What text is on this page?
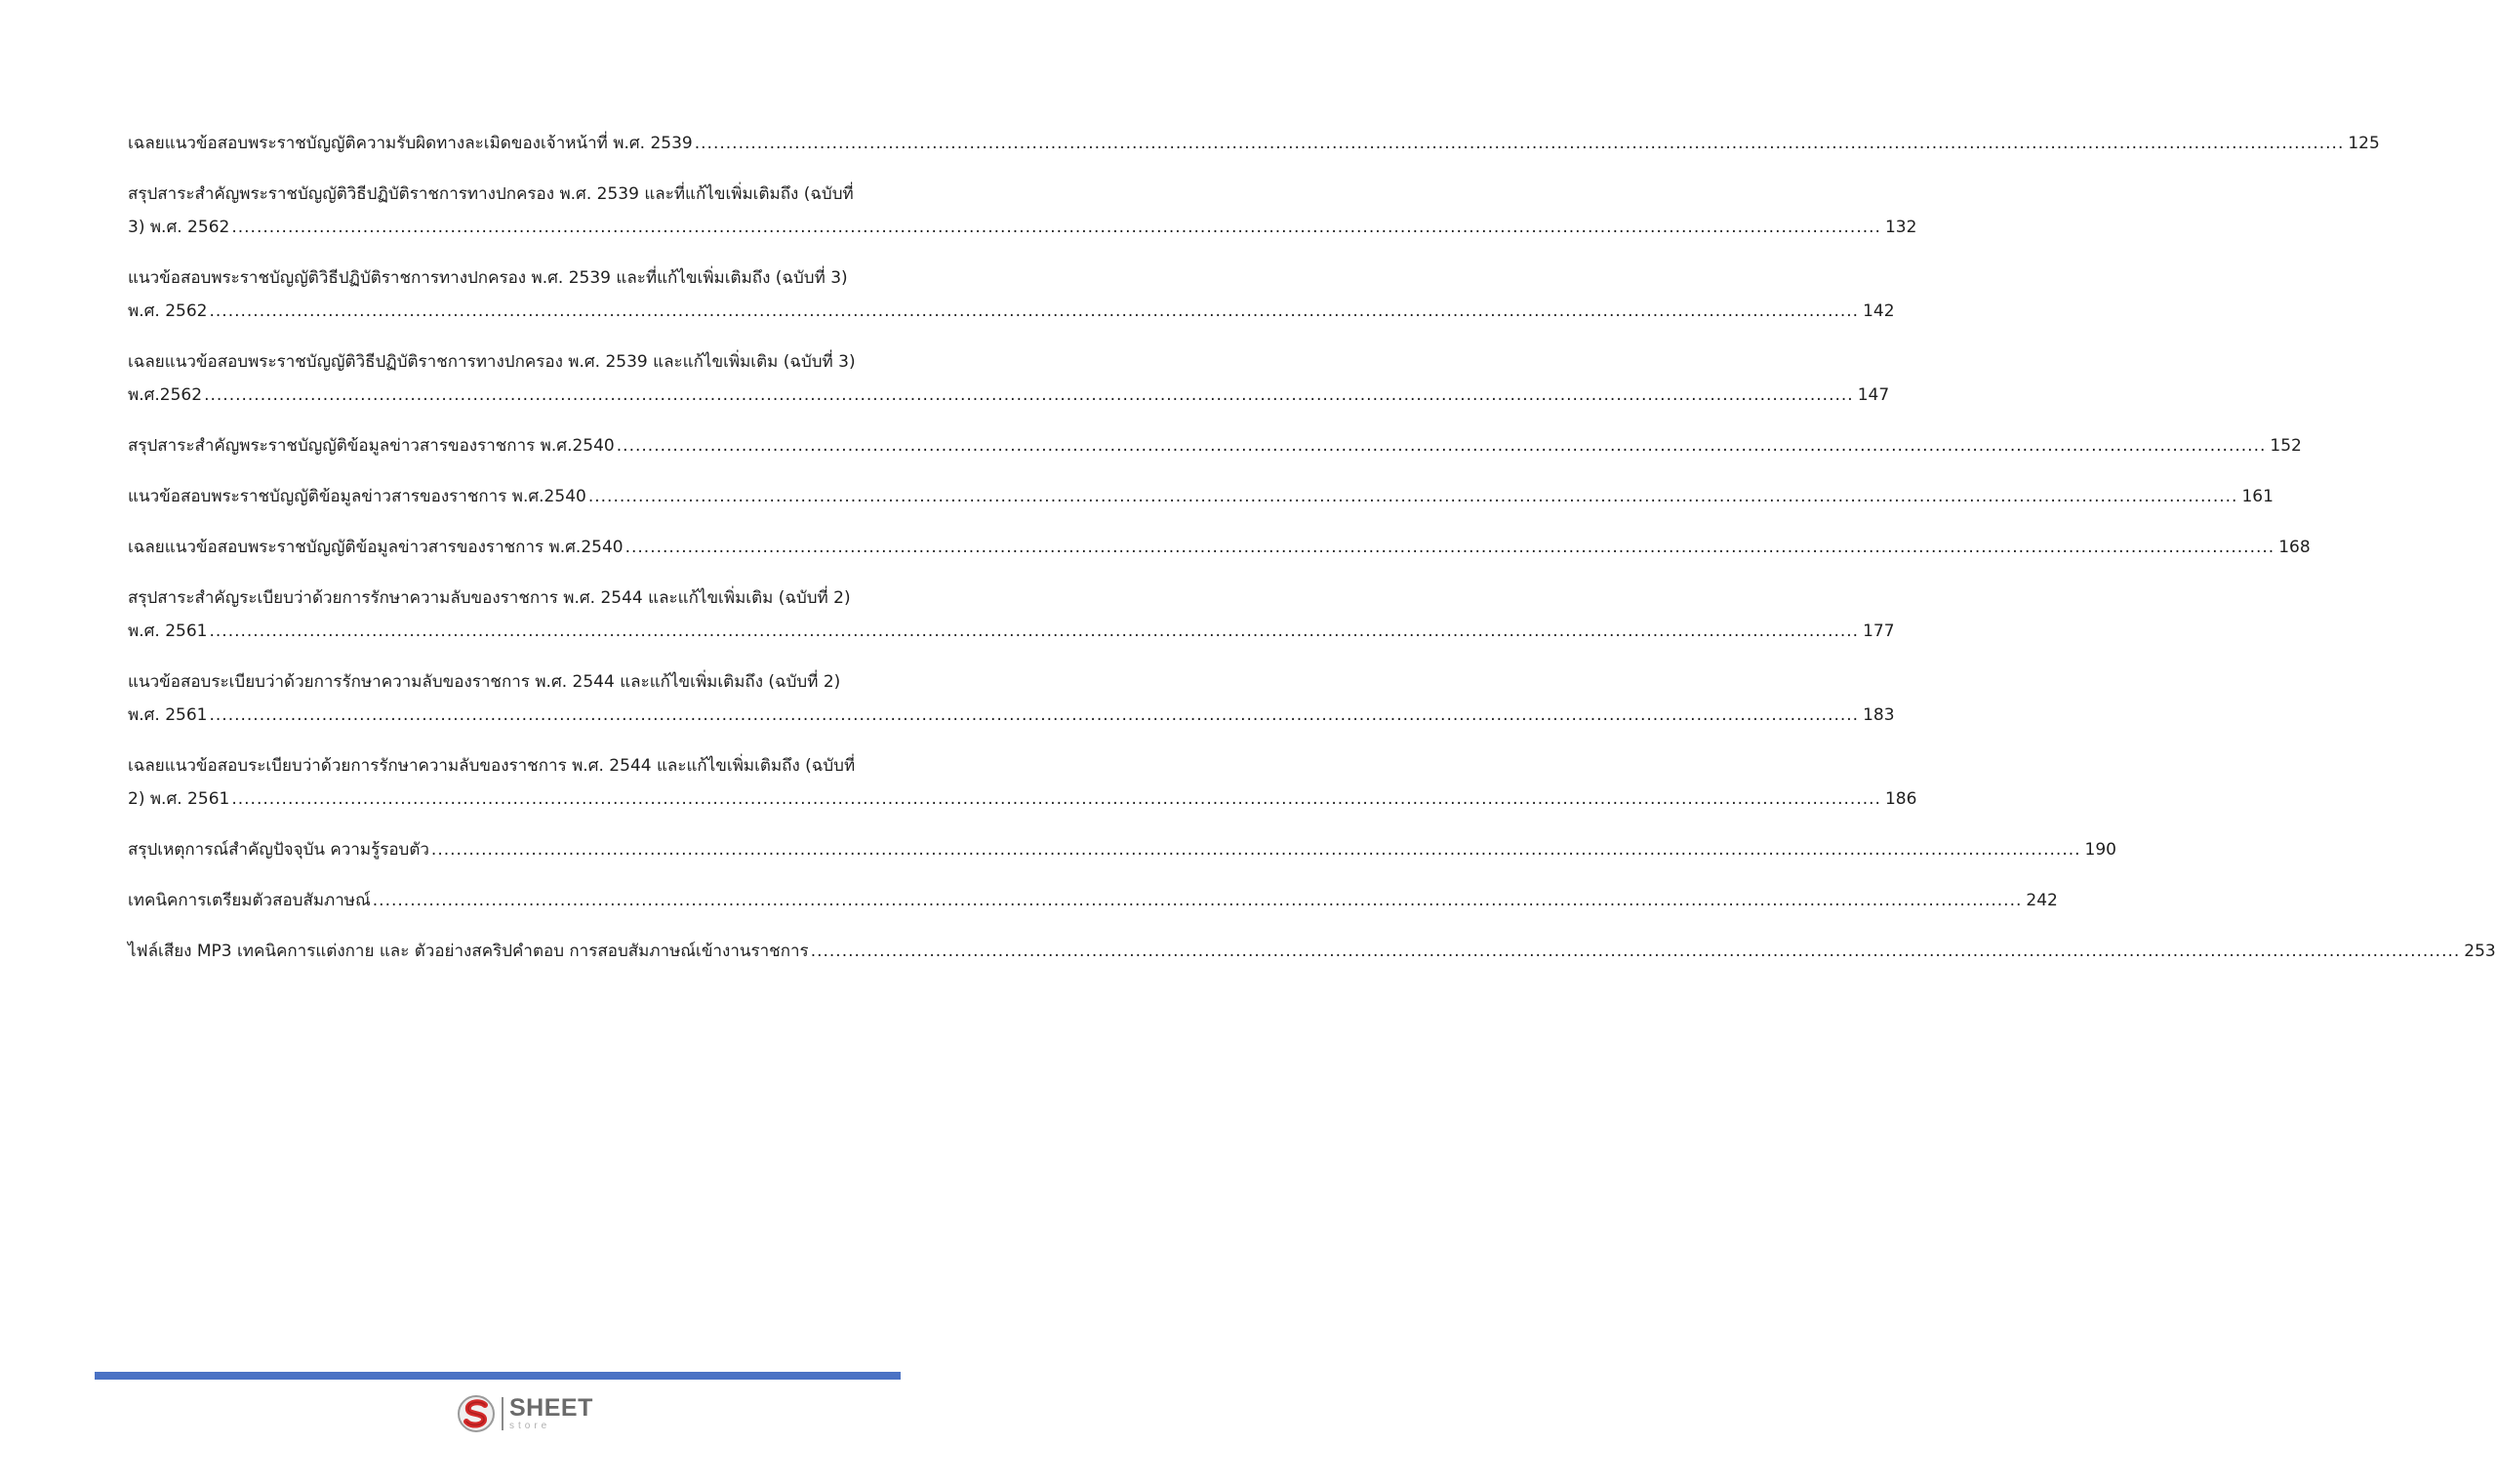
เฉลยแนวข้อสอบพระราชบัญญัติความรับผิดทางละเมิดของเจ้าหน้าที่ พ.ศ. 2539 .....	125
สรุปสาระสำคัญพระราชบัญญัติวิธีปฏิบัติราชการทางปกครอง พ.ศ. 2539 และที่แก้ไขเพิ่มเติมถึง (ฉบับที่
3) พ.ศ. 2562 .....	132
แนวข้อสอบพระราชบัญญัติวิธีปฏิบัติราชการทางปกครอง พ.ศ. 2539 และที่แก้ไขเพิ่มเติมถึง (ฉบับที่ 3)
พ.ศ. 2562 .....	142
เฉลยแนวข้อสอบพระราชบัญญัติวิธีปฏิบัติราชการทางปกครอง พ.ศ. 2539 และแก้ไขเพิ่มเติม (ฉบับที่ 3)
พ.ศ.2562 .....	147
สรุปสาระสำคัญพระราชบัญญัติข้อมูลข่าวสารของราชการ พ.ศ.2540 .....	152
แนวข้อสอบพระราชบัญญัติข้อมูลข่าวสารของราชการ พ.ศ.2540 .....	161
เฉลยแนวข้อสอบพระราชบัญญัติข้อมูลข่าวสารของราชการ พ.ศ.2540 .....	168
สรุปสาระสำคัญระเบียบว่าด้วยการรักษาความลับของราชการ พ.ศ. 2544 และแก้ไขเพิ่มเติม (ฉบับที่ 2)
พ.ศ. 2561 .....	177
แนวข้อสอบระเบียบว่าด้วยการรักษาความลับของราชการ พ.ศ. 2544 และแก้ไขเพิ่มเติมถึง (ฉบับที่ 2)
พ.ศ. 2561 .....	183
เฉลยแนวข้อสอบระเบียบว่าด้วยการรักษาความลับของราชการ พ.ศ. 2544 และแก้ไขเพิ่มเติมถึง (ฉบับที่
2) พ.ศ. 2561 .....	186
สรุปเหตุการณ์สำคัญปัจจุบัน ความรู้รอบตัว .....	190
เทคนิคการเตรียมตัวสอบสัมภาษณ์ .....	242
ไฟล์เสียง MP3 เทคนิคการแต่งกาย และ ตัวอย่างสคริปคำตอบ การสอบสัมภาษณ์เข้างานราชการ .....	253
SHEET
store
